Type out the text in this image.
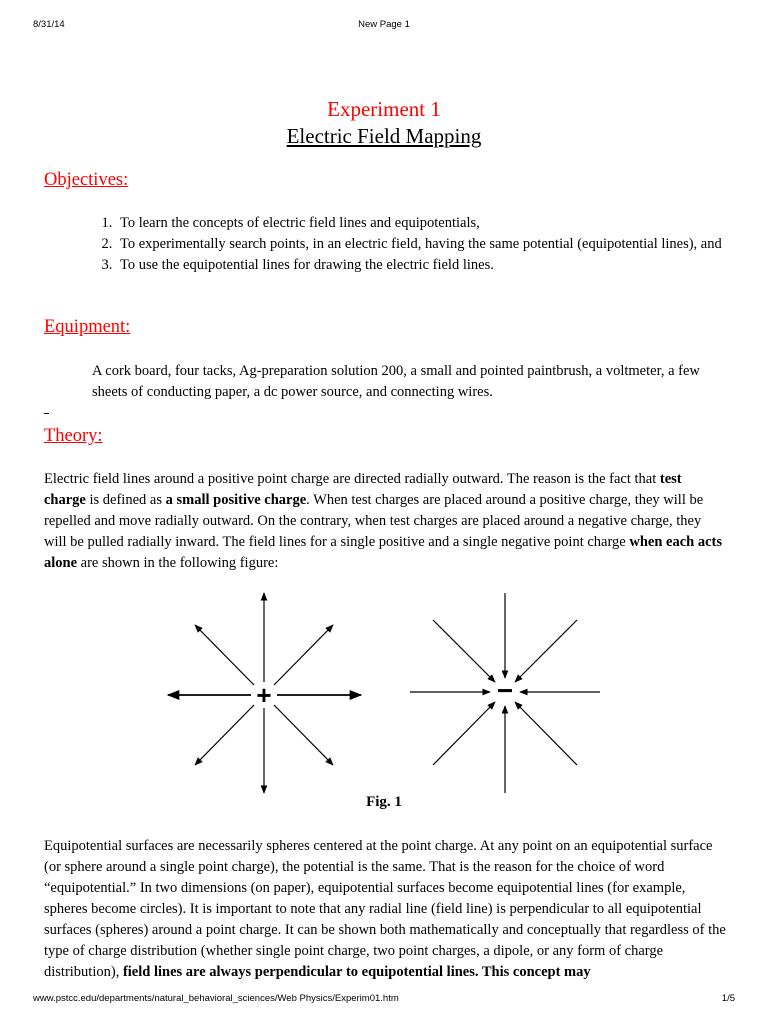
8/31/14	New Page 1
Experiment 1
Electric Field Mapping
Objectives:
1. To learn the concepts of electric field lines and equipotentials,
2. To experimentally search points, in an electric field, having the same potential (equipotential lines), and
3. To use the equipotential lines for drawing the electric field lines.
Equipment:

A cork board, four tacks, Ag-preparation solution 200, a small and pointed paintbrush, a voltmeter, a few sheets of conducting paper, a dc power source, and connecting wires.

Theory:

Electric field lines around a positive point charge are directed radially outward. The reason is the fact that test charge is defined as a small positive charge. When test charges are placed around a positive charge, they will be repelled and move radially outward. On the contrary, when test charges are placed around a negative charge, they will be pulled radially inward. The field lines for a single positive and a single negative point charge when each acts alone are shown in the following figure:

+	−
Fig. 1

Equipotential surfaces are necessarily spheres centered at the point charge. At any point on an equipotential surface (or sphere around a single point charge), the potential is the same. That is the reason for the choice of word “equipotential.” In two dimensions (on paper), equipotential surfaces become equipotential lines (for example, spheres become circles). It is important to note that any radial line (field line) is perpendicular to all equipotential surfaces (spheres) around a point charge. It can be shown both mathematically and conceptually that regardless of the type of charge distribution (whether single point charge, two point charges, a dipole, or any form of charge distribution), field lines are always perpendicular to equipotential lines. This concept may

www.pstcc.edu/departments/natural_behavioral_sciences/Web Physics/Experim01.htm	1/5
